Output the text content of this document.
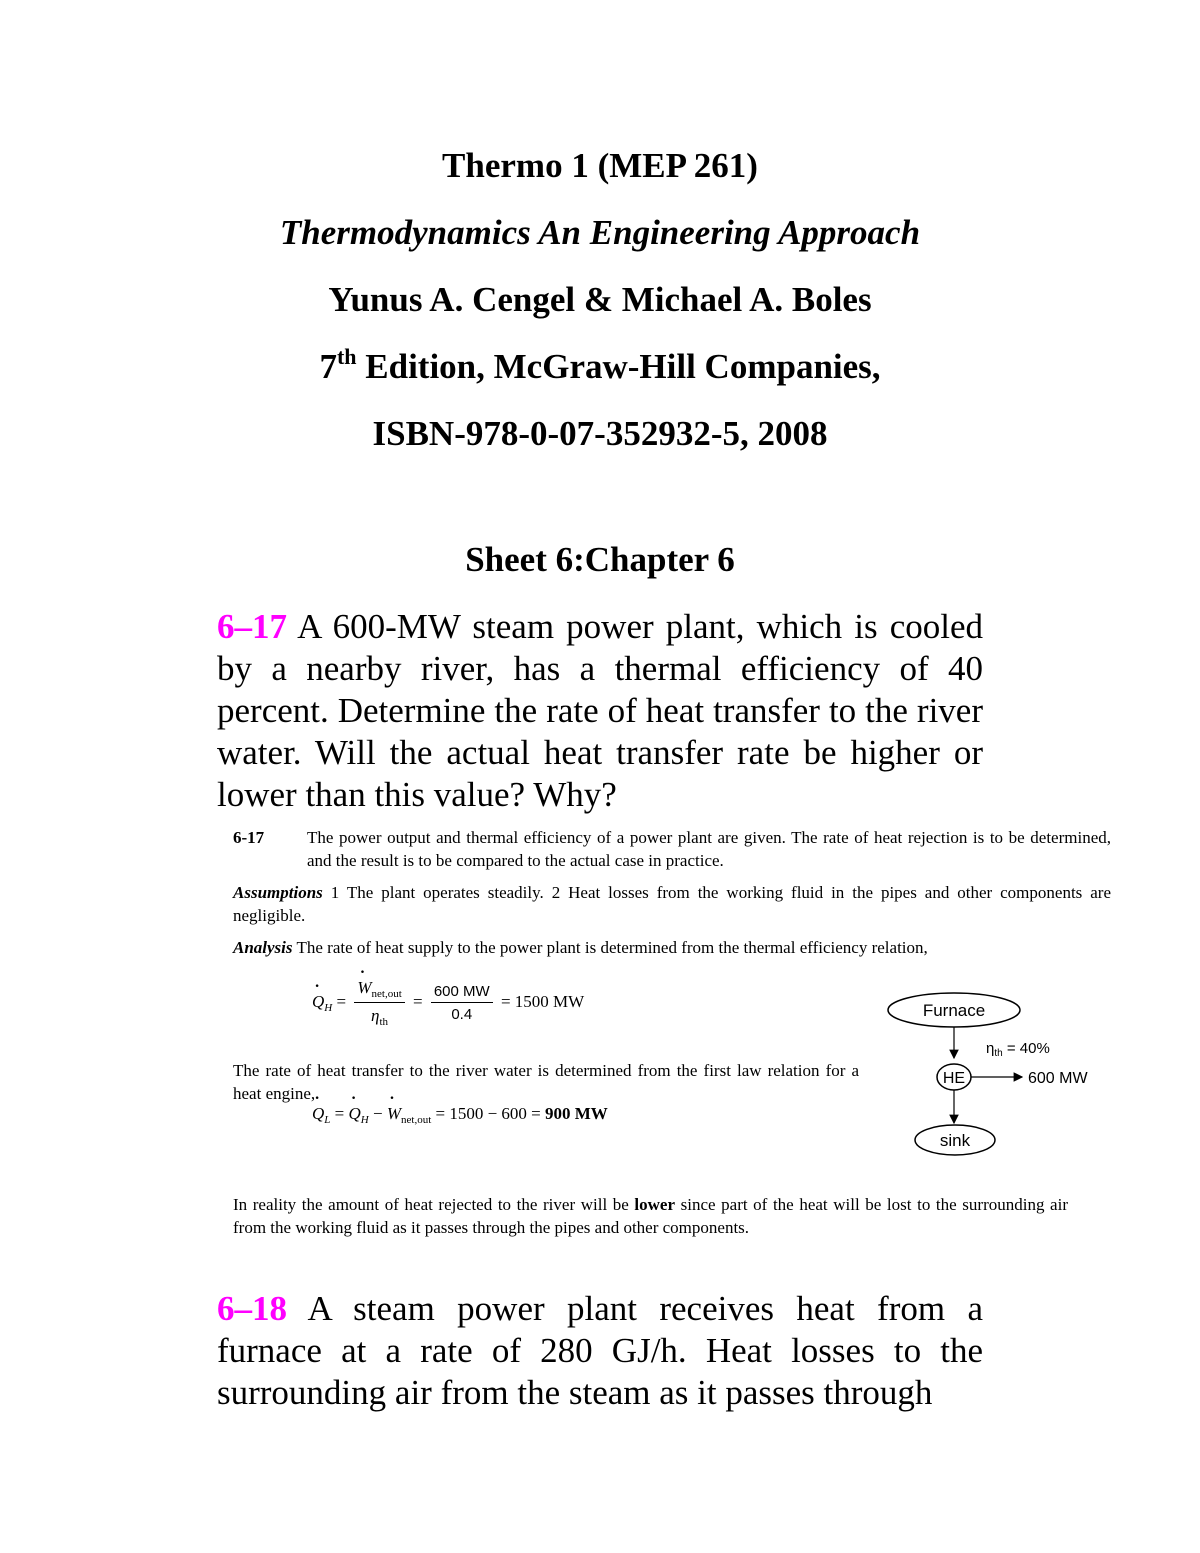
Thermo 1 (MEP 261)

Thermodynamics An Engineering Approach

Yunus A. Cengel & Michael A. Boles

7th Edition, McGraw-Hill Companies,

ISBN-978-0-07-352932-5, 2008

Sheet 6:Chapter 6

6–17 A 600-MW steam power plant, which is cooled by a nearby river, has a thermal efficiency of 40 percent. Determine the rate of heat transfer to the river water. Will the actual heat transfer rate be higher or lower than this value? Why?

6-17	The power output and thermal efficiency of a power plant are given. The rate of heat rejection is to be determined, and the result is to be compared to the actual case in practice.

Assumptions 1 The plant operates steadily. 2 Heat losses from the working fluid in the pipes and other components are negligible.

Analysis The rate of heat supply to the power plant is determined from the thermal efficiency relation,

· $Q_H$ =
· $\frac{W_{net,out}}{\eta_{th}} = \frac{600 MW}{0.4} = 1500$ MW

The rate of heat transfer to the river water is determined from the first law relation for a heat engine,

· $Q_L$ = · $Q_H$ − · $W_{net,out} = 1500 - 600 = 900$ MW
Furnace
$\eta_{th} = 40\%$
HE	600 MW
sink

In reality the amount of heat rejected to the river will be lower since part of the heat will be lost to the surrounding air from the working fluid as it passes through the pipes and other components.

6–18 A steam power plant receives heat from a furnace at a rate of 280 GJ/h. Heat losses to the surrounding air from the steam as it passes through
